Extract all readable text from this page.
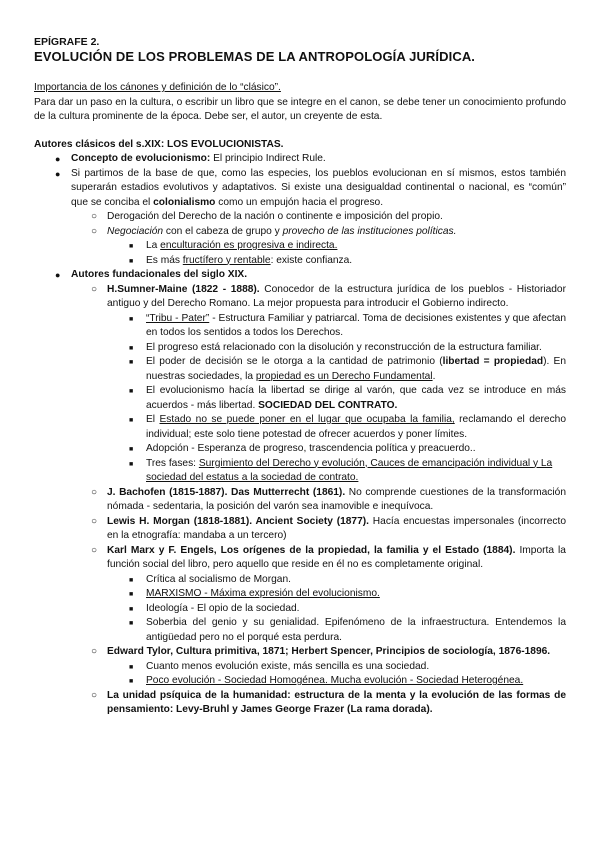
EPÍGRAFE 2.

EVOLUCIÓN DE LOS PROBLEMAS DE LA ANTROPOLOGÍA JURÍDICA.

Importancia de los cánones y definición de lo “clásico”.

Para dar un paso en la cultura, o escribir un libro que se integre en el canon, se debe tener un conocimiento profundo de la cultura prominente de la época. Debe ser, el autor, un creyente de esta.

Autores clásicos del s.XIX: LOS EVOLUCIONISTAS.

● Concepto de evolucionismo: El principio Indirect Rule.
● Si partimos de la base de que, como las especies, los pueblos evolucionan en sí mismos, estos también superarán estadios evolutivos y adaptativos. Si existe una desigualdad continental o nacional, es “común” que se conciba el colonialismo como un empujón hacia el progreso.
○ Derogación del Derecho de la nación o continente e imposición del propio.
○ Negociación con el cabeza de grupo y provecho de las instituciones políticas.
■ La enculturación es progresiva e indirecta.
■ Es más fructífero y rentable: existe confianza.
● Autores fundacionales del siglo XIX.
○ H.Sumner-Maine (1822 - 1888). Conocedor de la estructura jurídica de los pueblos - Historiador antiguo y del Derecho Romano. La mejor propuesta para introducir el Gobierno indirecto.
■ “Tribu - Pater” - Estructura Familiar y patriarcal. Toma de decisiones existentes y que afectan en todos los sentidos a todos los Derechos.
■ El progreso está relacionado con la disolución y reconstrucción de la estructura familiar.
■ El poder de decisión se le otorga a la cantidad de patrimonio (libertad = propiedad). En nuestras sociedades, la propiedad es un Derecho Fundamental.
■ El evolucionismo hacía la libertad se dirige al varón, que cada vez se introduce en más acuerdos - más libertad. SOCIEDAD DEL CONTRATO.
■ El Estado no se puede poner en el lugar que ocupaba la familia, reclamando el derecho individual; este solo tiene potestad de ofrecer acuerdos y poner límites.
■ Adopción - Esperanza de progreso, trascendencia política y preacuerdo..
■ Tres fases: Surgimiento del Derecho y evolución, Cauces de emancipación individual y La sociedad del estatus a la sociedad de contrato.
○ J. Bachofen (1815-1887). Das Mutterrecht (1861). No comprende cuestiones de la transformación nómada - sedentaria, la posición del varón sea inamovible e inequívoca.
○ Lewis H. Morgan (1818-1881). Ancient Society (1877). Hacía encuestas impersonales (incorrecto en la etnografía: mandaba a un tercero)
○ Karl Marx y F. Engels, Los orígenes de la propiedad, la familia y el Estado (1884). Importa la función social del libro, pero aquello que reside en él no es completamente original.
■ Crítica al socialismo de Morgan.
■ MARXISMO - Máxima expresión del evolucionismo.
■ Ideología - El opio de la sociedad.
■ Soberbia del genio y su genialidad. Epifenómeno de la infraestructura. Entendemos la antigüedad pero no el porqué esta perdura.
○ Edward Tylor, Cultura primitiva, 1871; Herbert Spencer, Principios de sociología, 1876-1896.
■ Cuanto menos evolución existe, más sencilla es una sociedad.
■ Poco evolución - Sociedad Homogénea. Mucha evolución - Sociedad Heterogénea.
○ La unidad psíquica de la humanidad: estructura de la menta y la evolución de las formas de pensamiento: Levy-Bruhl y James George Frazer (La rama dorada).
